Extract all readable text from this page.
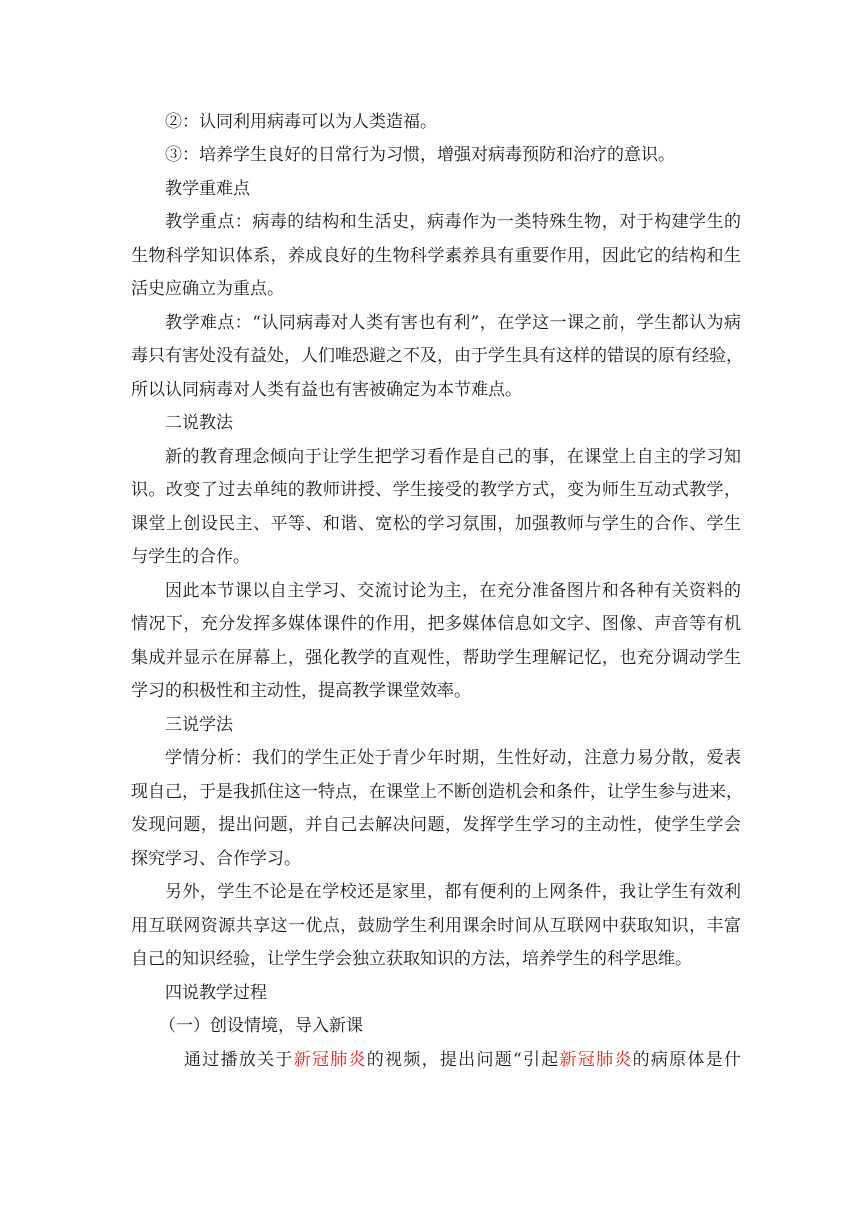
②：认同利用病毒可以为人类造福。
③：培养学生良好的日常行为习惯，增强对病毒预防和治疗的意识。
教学重难点
教学重点：病毒的结构和生活史，病毒作为一类特殊生物，对于构建学生的
生物科学知识体系，养成良好的生物科学素养具有重要作用，因此它的结构和生
活史应确立为重点。
教学难点：“认同病毒对人类有害也有利”，在学这一课之前，学生都认为病
毒只有害处没有益处，人们唯恐避之不及，由于学生具有这样的错误的原有经验，
所以认同病毒对人类有益也有害被确定为本节难点。
二说教法
新的教育理念倾向于让学生把学习看作是自己的事，在课堂上自主的学习知
识。改变了过去单纯的教师讲授、学生接受的教学方式，变为师生互动式教学，
课堂上创设民主、平等、和谐、宽松的学习氛围，加强教师与学生的合作、学生
与学生的合作。
因此本节课以自主学习、交流讨论为主，在充分准备图片和各种有关资料的
情况下，充分发挥多媒体课件的作用，把多媒体信息如文字、图像、声音等有机
集成并显示在屏幕上，强化教学的直观性，帮助学生理解记忆，也充分调动学生
学习的积极性和主动性，提高教学课堂效率。
三说学法
学情分析：我们的学生正处于青少年时期，生性好动，注意力易分散，爱表
现自己，于是我抓住这一特点，在课堂上不断创造机会和条件，让学生参与进来，
发现问题，提出问题，并自己去解决问题，发挥学生学习的主动性，使学生学会
探究学习、合作学习。
另外，学生不论是在学校还是家里，都有便利的上网条件，我让学生有效利
用互联网资源共享这一优点，鼓励学生利用课余时间从互联网中获取知识，丰富
自己的知识经验，让学生学会独立获取知识的方法，培养学生的科学思维。
四说教学过程
（一）创设情境，导入新课
通过播放关于新冠肺炎的视频，提出问题“引起新冠肺炎的病原体是什
